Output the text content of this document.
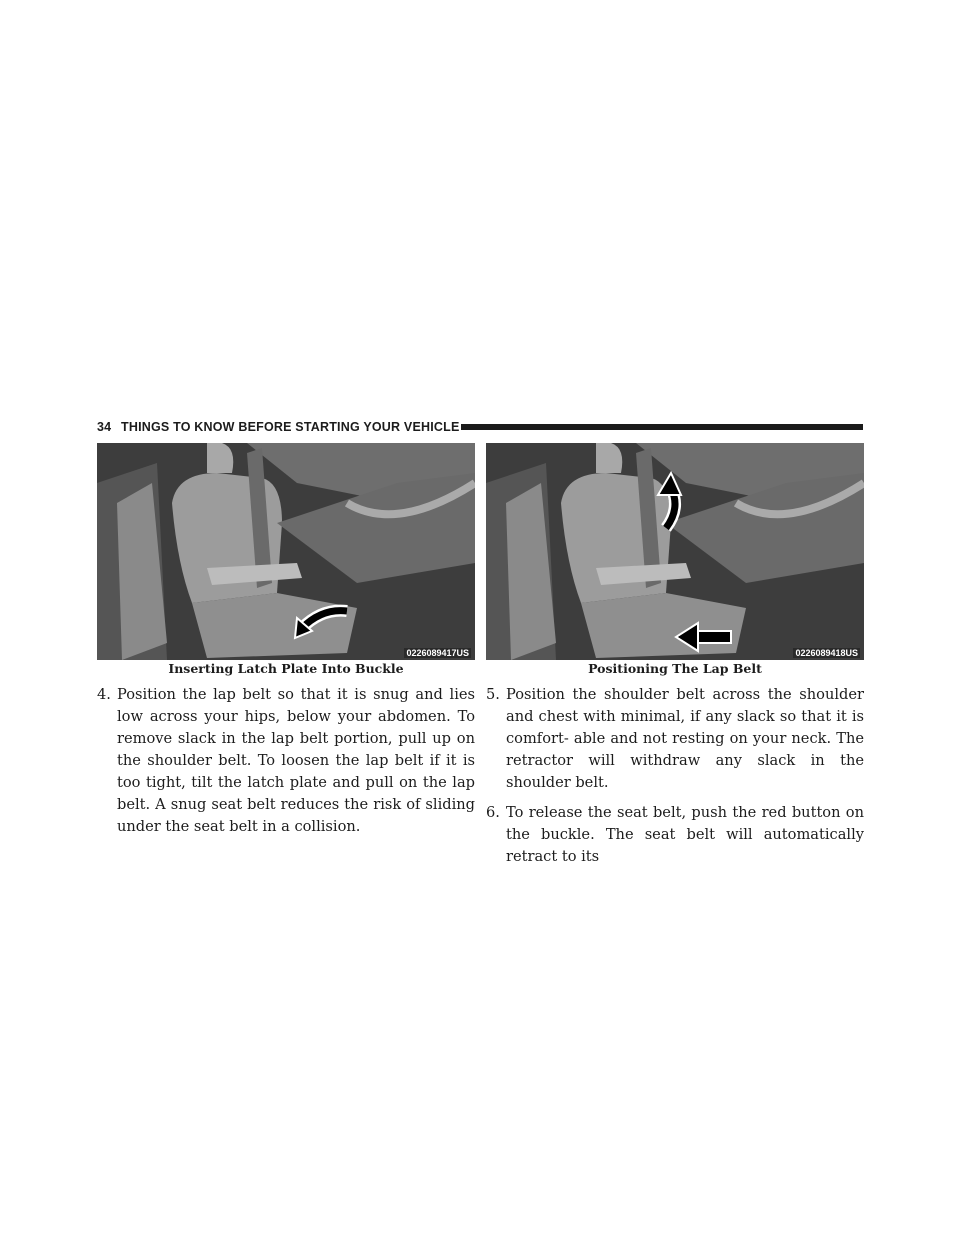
34 THINGS TO KNOW BEFORE STARTING YOUR VEHICLE
0226089417US
Inserting Latch Plate Into Buckle
0226089418US
Positioning The Lap Belt
4. Position the lap belt so that it is snug and lies low across your hips, below your abdomen. To remove slack in the lap belt portion, pull up on the shoulder belt. To loosen the lap belt if it is too tight, tilt the latch plate and pull on the lap belt. A snug seat belt reduces the risk of sliding under the seat belt in a collision.
5. Position the shoulder belt across the shoulder and chest with minimal, if any slack so that it is comfort- able and not resting on your neck. The retractor will withdraw any slack in the shoulder belt.
6. To release the seat belt, push the red button on the buckle. The seat belt will automatically retract to its
